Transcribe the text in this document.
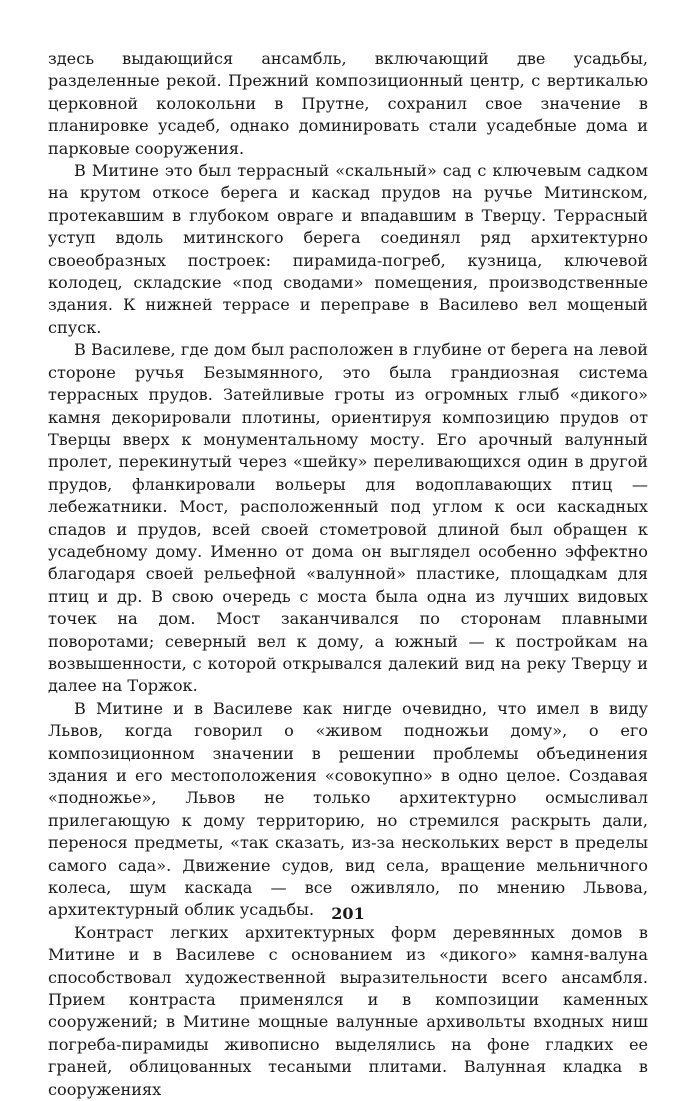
здесь выдающийся ансамбль, включающий две усадьбы, разделенные рекой. Прежний композиционный центр, с вертикалью церковной колокольни в Прутне, сохранил свое значение в планировке усадеб, однако доминировать стали усадебные дома и парковые сооружения.

В Митине это был террасный «скальный» сад с ключевым садком на крутом откосе берега и каскад прудов на ручье Митинском, протекавшим в глубоком овраге и впадавшим в Тверцу. Террасный уступ вдоль митинского берега соединял ряд архитектурно своеобразных построек: пирамида-погреб, кузница, ключевой колодец, складские «под сводами» помещения, производственные здания. К нижней террасе и переправе в Василево вел мощеный спуск.

В Василеве, где дом был расположен в глубине от берега на левой стороне ручья Безымянного, это была грандиозная система террасных прудов. Затейливые гроты из огромных глыб «дикого» камня декорировали плотины, ориентируя композицию прудов от Тверцы вверх к монументальному мосту. Его арочный валунный пролет, перекинутый через «шейку» переливающихся один в другой прудов, фланкировали вольеры для водоплавающих птиц — лебежатники. Мост, расположенный под углом к оси каскадных спадов и прудов, всей своей стометровой длиной был обращен к усадебному дому. Именно от дома он выглядел особенно эффектно благодаря своей рельефной «валунной» пластике, площадкам для птиц и др. В свою очередь с моста была одна из лучших видовых точек на дом. Мост заканчивался по сторонам плавными поворотами; северный вел к дому, а южный — к постройкам на возвышенности, с которой открывался далекий вид на реку Тверцу и далее на Торжок.

В Митине и в Василеве как нигде очевидно, что имел в виду Львов, когда говорил о «живом подножьи дому», о его композиционном значении в решении проблемы объединения здания и его местоположения «совокупно» в одно целое. Создавая «подножье», Львов не только архитектурно осмысливал прилегающую к дому территорию, но стремился раскрыть дали, перенося предметы, «так сказать, из-за нескольких верст в пределы самого сада». Движение судов, вид села, вращение мельничного колеса, шум каскада — все оживляло, по мнению Львова, архитектурный облик усадьбы.

Контраст легких архитектурных форм деревянных домов в Митине и в Василеве с основанием из «дикого» камня-валуна способствовал художественной выразительности всего ансамбля. Прием контраста применялся и в композиции каменных сооружений; в Митине мощные валунные архивольты входных ниш погреба-пирамиды живописно выделялись на фоне гладких ее граней, облицованных тесаными плитами. Валунная кладка в сооружениях

201
